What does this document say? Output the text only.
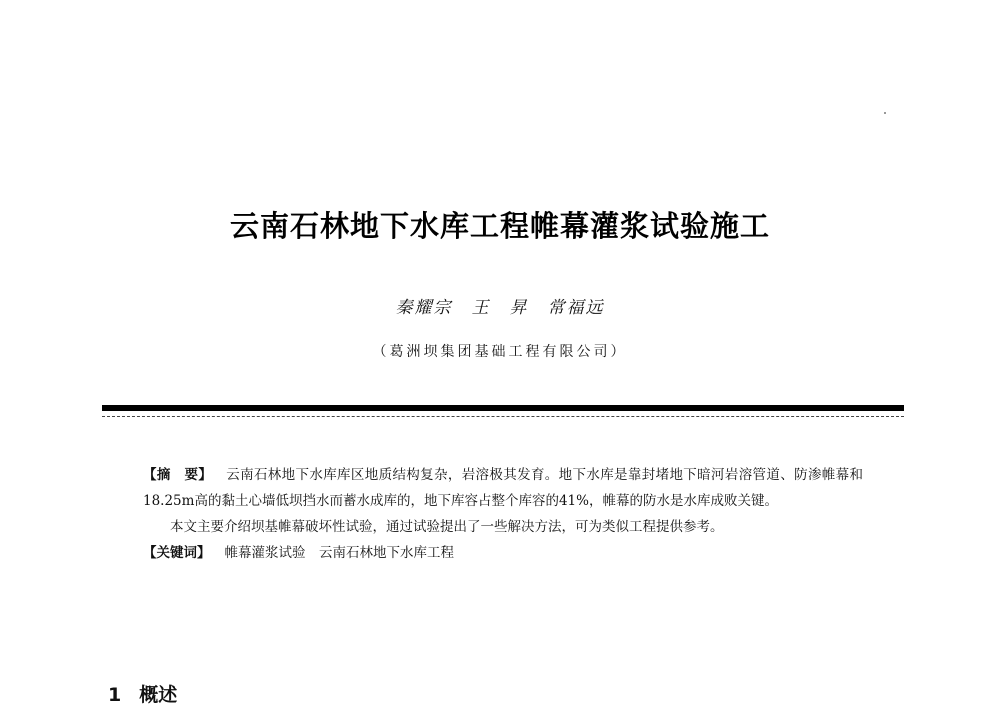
云南石林地下水库工程帷幕灌浆试验施工
秦耀宗　王　昇　常福远
（葛洲坝集团基础工程有限公司）

【摘　要】 云南石林地下水库库区地质结构复杂，岩溶极其发育。地下水库是靠封堵地下暗河岩溶管道、防渗帷幕和18.25m高的黏土心墙低坝挡水而蓄水成库的，地下库容占整个库容的41%，帷幕的防水是水库成败关键。

本文主要介绍坝基帷幕破坏性试验，通过试验提出了一些解决方法，可为类似工程提供参考。

【关键词】 帷幕灌浆试验　云南石林地下水库工程

1 概述
